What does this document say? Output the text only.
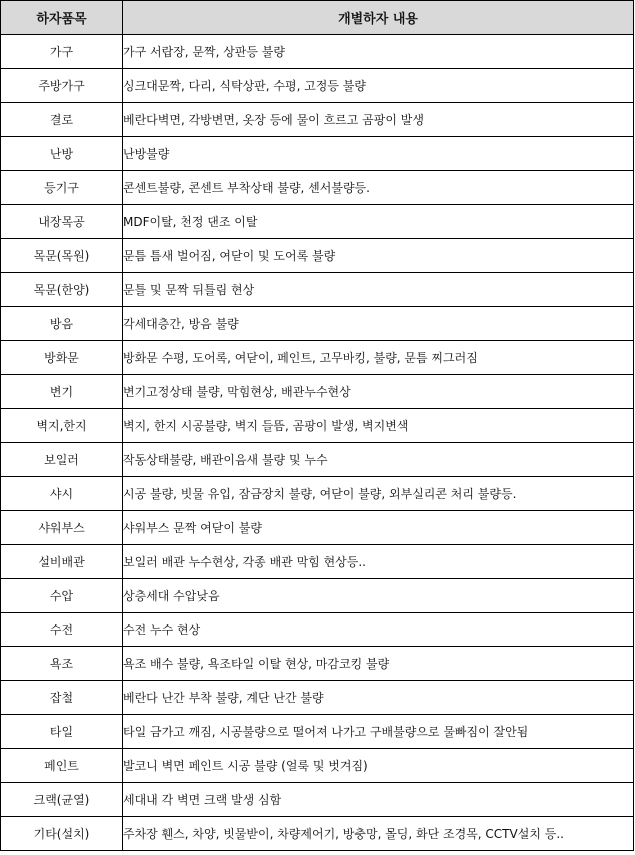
하자품목	개별하자 내용
가구	가구 서랍장, 문짝, 상판등 불량
주방가구	싱크대문짝, 다리, 식탁상판, 수평, 고정등 불량
결로	베란다벽면, 각방변면, 옷장 등에 물이 흐르고 곰팡이 발생
난방	난방불량
등기구	콘센트불량, 콘센트 부착상태 불량, 센서불량등.
내장목공	MDF이탈, 천정 댄조 이탈
목문(목원)	문틈 틈새 벌어짐, 여닫이 및 도어록 불량
목문(한양)	문틀 및 문짝 뒤틀림 현상
방음	각세대층간, 방음 불량
방화문	방화문 수평, 도어록, 여닫이, 페인트, 고무바킹, 불량, 문틈 찌그러짐
변기	변기고정상태 불량, 막힘현상, 배관누수현상
벽지,한지	벽지, 한지 시공불량, 벽지 들뜸, 곰팡이 발생, 벽지변색
보일러	작동상태불량, 배관이음새 불량 및 누수
샤시	시공 불량, 빗물 유입, 잠금장치 불량, 여닫이 불량, 외부실리콘 처리 불량등.
샤워부스	샤워부스 문짝 여닫이 불량
설비배관	보일러 배관 누수현상, 각종 배관 막힘 현상등..
수압	상층세대 수압낮음
수전	수전 누수 현상
욕조	욕조 배수 불량, 욕조타일 이탈 현상, 마감코킹 불량
잡철	베란다 난간 부착 불량, 계단 난간 불량
타일	타일 금가고 깨짐, 시공불량으로 떨어져 나가고 구배불량으로 물빠짐이 잘안됨
페인트	발코니 벽면 페인트 시공 불량 (얼룩 및 벗겨짐)
크랙(균열)	세대내 각 벽면 크랙 발생 심함
기타(설치)	주차장 휀스, 차양, 빗물받이, 차량제어기, 방충망, 몰딩, 화단 조경목, CCTV설치 등..
